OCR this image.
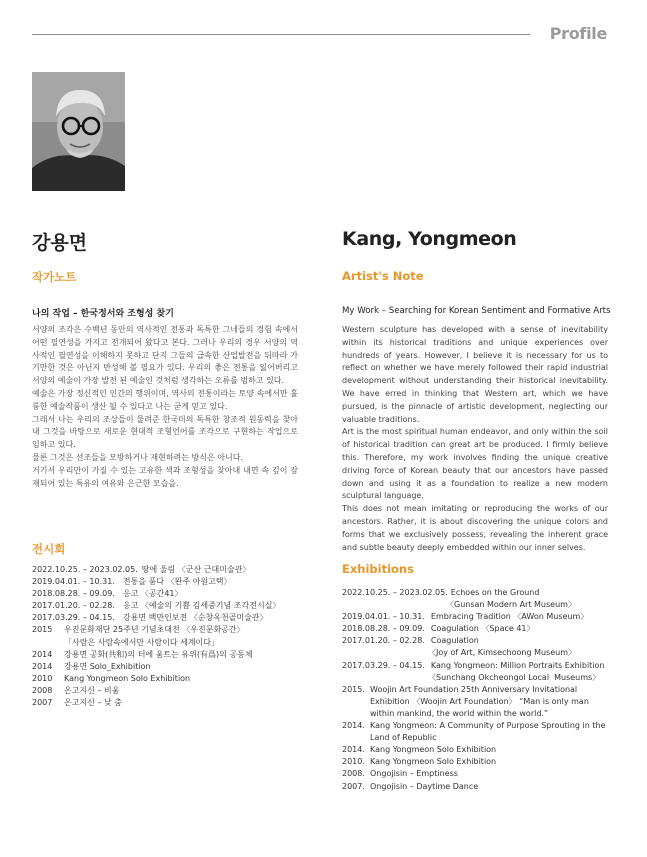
Profile
강용면	Kang, Yongmeon
작가노트
나의 작업 – 한국정서와 조형성 찾기

서양의 조각은 수백년 동안의 역사적인 전통과 독특한 그네들의 경험 속에서 어떤 필연성을 가지고 전개되어 왔다고 본다. 그러나 우리의 경우 서양의 역사적인 필연성을 이해하지 못하고 단지 그들의 급속한 산업발전을 뒤따라 가기만한 것은 아닌지 반성해 볼 필요가 있다. 우리의 좋은 전통을 잃어버리고 서양의 예술이 가장 발전 된 예술인 것처럼 생각하는 오류를 범하고 있다.

예술은 가장 정신적인 인간의 행위이며, 역사의 전통이라는 토양 속에서만 훌륭한 예술작품이 생산 될 수 있다고 나는 굳게 믿고 있다.

그래서 나는 우리의 조상들이 물려준 한국미의 독특한 창조적 원동력을 찾아내 그것을 바탕으로 새로운 현대적 조형언어를 조각으로 구현하는 작업으로 임하고 있다.

물론 그것은 선조들을 모방하거나 재현하려는 방식은 아니다.

거기서 우리만이 가질 수 있는 고유한 색과 조형성을 찾아내 내면 속 깊이 잠재되어 있는 특유의 여유와 은근한 모습을.

전시회
2022.10.25. – 2023.02.05. 땅에 울림 〈군산 근대미술관〉
2019.04.01. – 10.31. 전통을 품다 〈완주 아원고택〉
2018.08.28. – 09.09. 응고 〈공간41〉
2017.01.20. – 02.28. 응고 〈예술의 기쁨 김세중기념 조각전시실〉
2017.03.29. – 04.15. 강용면 백만인보전 〈순창옥천골미술관〉
2015	우진문화재단 25주년 기념초대전 〈우진문화공간〉
「사람은 사람속에서만 사람이다 세계이다」
2014	강용면 공화(共和)의 터에 움트는 유위(有爲)의 공동체
2014	강용면 Solo_Exhibition
2010	Kang Yongmeon Solo Exhibition
2008	온고지신 – 비움
2007	온고지신 – 낮 춤
Artist's Note
My Work – Searching for Korean Sentiment and Formative Arts

Western sculpture has developed with a sense of inevitability within its historical traditions and unique experiences over hundreds of years. However, I believe it is necessary for us to reflect on whether we have merely followed their rapid industrial development without understanding their historical inevitability. We have erred in thinking that Western art, which we have pursued, is the pinnacle of artistic development, neglecting our valuable traditions.

Art is the most spiritual human endeavor, and only within the soil of historical tradition can great art be produced. I firmly believe this. Therefore, my work involves finding the unique creative driving force of Korean beauty that our ancestors have passed down and using it as a foundation to realize a new modern sculptural language.

This does not mean imitating or reproducing the works of our ancestors. Rather, it is about discovering the unique colors and forms that we exclusively possess, revealing the inherent grace and subtle beauty deeply embedded within our inner selves.

Exhibitions
2022.10.25. – 2023.02.05. Echoes on the Ground
〈Gunsan Modern Art Museum〉
2019.04.01. – 10.31. Embracing Tradition 〈AWon Museum〉
2018.08.28. – 09.09. Coagulation 〈Space 41〉
2017.01.20. – 02.28. Coagulation
〈Joy of Art, Kimsechoong Museum〉
2017.03.29. – 04.15. Kang Yongmeon: Million Portraits Exhibition
〈Sunchang Okcheongol Local  Museums〉
2015. Woojin Art Foundation 25th Anniversary Invitational Exhibition 〈Woojin Art Foundation〉 “Man is only man within mankind, the world within the world.”
2014. Kang Yongmeon: A Community of Purpose Sprouting in the Land of Republic
2014. Kang Yongmeon Solo Exhibition
2010. Kang Yongmeon Solo Exhibition
2008. Ongojisin – Emptiness
2007. Ongojisin – Daytime Dance
